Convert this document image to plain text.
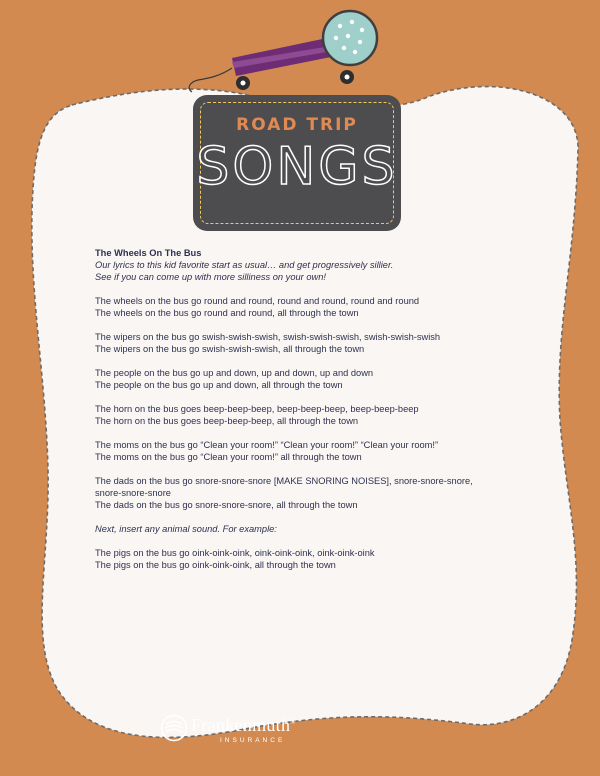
ROAD TRIP
SONGS

The Wheels On The Bus
Our lyrics to this kid favorite start as usual… and get progressively sillier.
See if you can come up with more silliness on your own!

The wheels on the bus go round and round, round and round, round and round
The wheels on the bus go round and round, all through the town

The wipers on the bus go swish-swish-swish, swish-swish-swish, swish-swish-swish
The wipers on the bus go swish-swish-swish, all through the town

The people on the bus go up and down, up and down, up and down
The people on the bus go up and down, all through the town

The horn on the bus goes beep-beep-beep, beep-beep-beep, beep-beep-beep
The horn on the bus goes beep-beep-beep, all through the town

The moms on the bus go “Clean your room!” “Clean your room!” “Clean your room!”
The moms on the bus go “Clean your room!” all through the town

The dads on the bus go snore-snore-snore [MAKE SNORING NOISES], snore-snore-snore,
snore-snore-snore
The dads on the bus go snore-snore-snore, all through the town

Next, insert any animal sound. For example:

The pigs on the bus go oink-oink-oink, oink-oink-oink, oink-oink-oink
The pigs on the bus go oink-oink-oink, all through the town

Frankenmuth®
INSURANCE
